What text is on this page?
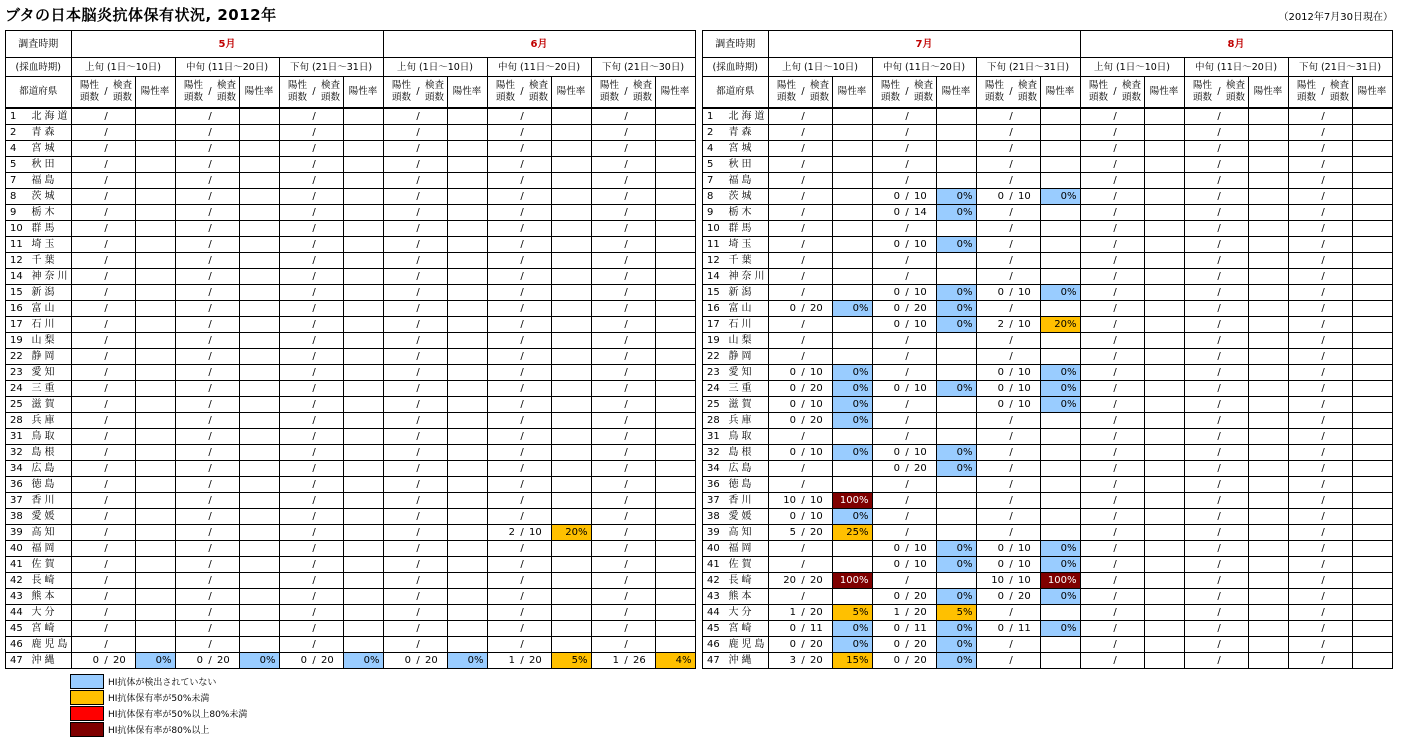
ブタの日本脳炎抗体保有状況, 2012年	（2012年7月30日現在）
調査時期		5月												6月											
(採血時期)		上旬 (1日〜10日)				中旬 (11日〜20日)				下旬 (21日〜31日)				上旬 (1日〜10日)				中旬 (11日〜20日)				下旬 (21日〜30日)			
都道府県		陽性頭数	/	検査頭数	陽性率	陽性頭数	/	検査頭数	陽性率	陽性頭数	/	検査頭数	陽性率	陽性頭数	/	検査頭数	陽性率	陽性頭数	/	検査頭数	陽性率	陽性頭数	/	検査頭数	陽性率
1	北海道		/				/				/				/				/				/		
2	青森		/				/				/				/				/				/		
4	宮城		/				/				/				/				/				/		
5	秋田		/				/				/				/				/				/		
7	福島		/				/				/				/				/				/		
8	茨城		/				/				/				/				/				/		
9	栃木		/				/				/				/				/				/		
10	群馬		/				/				/				/				/				/		
11	埼玉		/				/				/				/				/				/		
12	千葉		/				/				/				/				/				/		
14	神奈川		/				/				/				/				/				/		
15	新潟		/				/				/				/				/				/		
16	富山		/				/				/				/				/				/		
17	石川		/				/				/				/				/				/		
19	山梨		/				/				/				/				/				/		
22	静岡		/				/				/				/				/				/		
23	愛知		/				/				/				/				/				/		
24	三重		/				/				/				/				/				/		
25	滋賀		/				/				/				/				/				/		
28	兵庫		/				/				/				/				/				/		
31	鳥取		/				/				/				/				/				/		
32	島根		/				/				/				/				/				/		
34	広島		/				/				/				/				/				/		
36	徳島		/				/				/				/				/				/		
37	香川		/				/				/				/				/				/		
38	愛媛		/				/				/				/				/				/		
39	高知		/				/				/				/			2	/	10	20%		/		
40	福岡		/				/				/				/				/				/		
41	佐賀		/				/				/				/				/				/		
42	長崎		/				/				/				/				/				/		
43	熊本		/				/				/				/				/				/		
44	大分		/				/				/				/				/				/		
45	宮崎		/				/				/				/				/				/		
46	鹿児島		/				/				/				/				/				/		
47	沖縄	0	/	20	0%	0	/	20	0%	0	/	20	0%	0	/	20	0%	1	/	20	5%	1	/	26	4%
調査時期		7月												8月											
(採血時期)		上旬 (1日〜10日)				中旬 (11日〜20日)				下旬 (21日〜31日)				上旬 (1日〜10日)				中旬 (11日〜20日)				下旬 (21日〜31日)			
都道府県		陽性頭数	/	検査頭数	陽性率	陽性頭数	/	検査頭数	陽性率	陽性頭数	/	検査頭数	陽性率	陽性頭数	/	検査頭数	陽性率	陽性頭数	/	検査頭数	陽性率	陽性頭数	/	検査頭数	陽性率
1	北海道		/				/				/				/				/				/		
2	青森		/				/				/				/				/				/		
4	宮城		/				/				/				/				/				/		
5	秋田		/				/				/				/				/				/		
7	福島		/				/				/				/				/				/		
8	茨城		/			0	/	10	0%	0	/	10	0%		/				/				/		
9	栃木		/			0	/	14	0%		/				/				/				/		
10	群馬		/				/				/				/				/				/		
11	埼玉		/			0	/	10	0%		/				/				/				/		
12	千葉		/				/				/				/				/				/		
14	神奈川		/				/				/				/				/				/		
15	新潟		/			0	/	10	0%	0	/	10	0%		/				/				/		
16	富山	0	/	20	0%	0	/	20	0%		/				/				/				/		
17	石川		/			0	/	10	0%	2	/	10	20%		/				/				/		
19	山梨		/				/				/				/				/				/		
22	静岡		/				/				/				/				/				/		
23	愛知	0	/	10	0%		/			0	/	10	0%		/				/				/		
24	三重	0	/	20	0%	0	/	10	0%	0	/	10	0%		/				/				/		
25	滋賀	0	/	10	0%		/			0	/	10	0%		/				/				/		
28	兵庫	0	/	20	0%		/				/				/				/				/		
31	鳥取		/				/				/				/				/				/		
32	島根	0	/	10	0%	0	/	10	0%		/				/				/				/		
34	広島		/			0	/	20	0%		/				/				/				/		
36	徳島		/				/				/				/				/				/		
37	香川	10	/	10	100%		/				/				/				/				/		
38	愛媛	0	/	10	0%		/				/				/				/				/		
39	高知	5	/	20	25%		/				/				/				/				/		
40	福岡		/			0	/	10	0%	0	/	10	0%		/				/				/		
41	佐賀		/			0	/	10	0%	0	/	10	0%		/				/				/		
42	長崎	20	/	20	100%		/			10	/	10	100%		/				/				/		
43	熊本		/			0	/	20	0%	0	/	20	0%		/				/				/		
44	大分	1	/	20	5%	1	/	20	5%		/				/				/				/		
45	宮崎	0	/	11	0%	0	/	11	0%	0	/	11	0%		/				/				/		
46	鹿児島	0	/	20	0%	0	/	20	0%		/				/				/				/		
47	沖縄	3	/	20	15%	0	/	20	0%		/				/				/				/		
HI抗体が検出されていない
HI抗体保有率が50%未満
HI抗体保有率が50%以上80%未満
HI抗体保有率が80%以上
